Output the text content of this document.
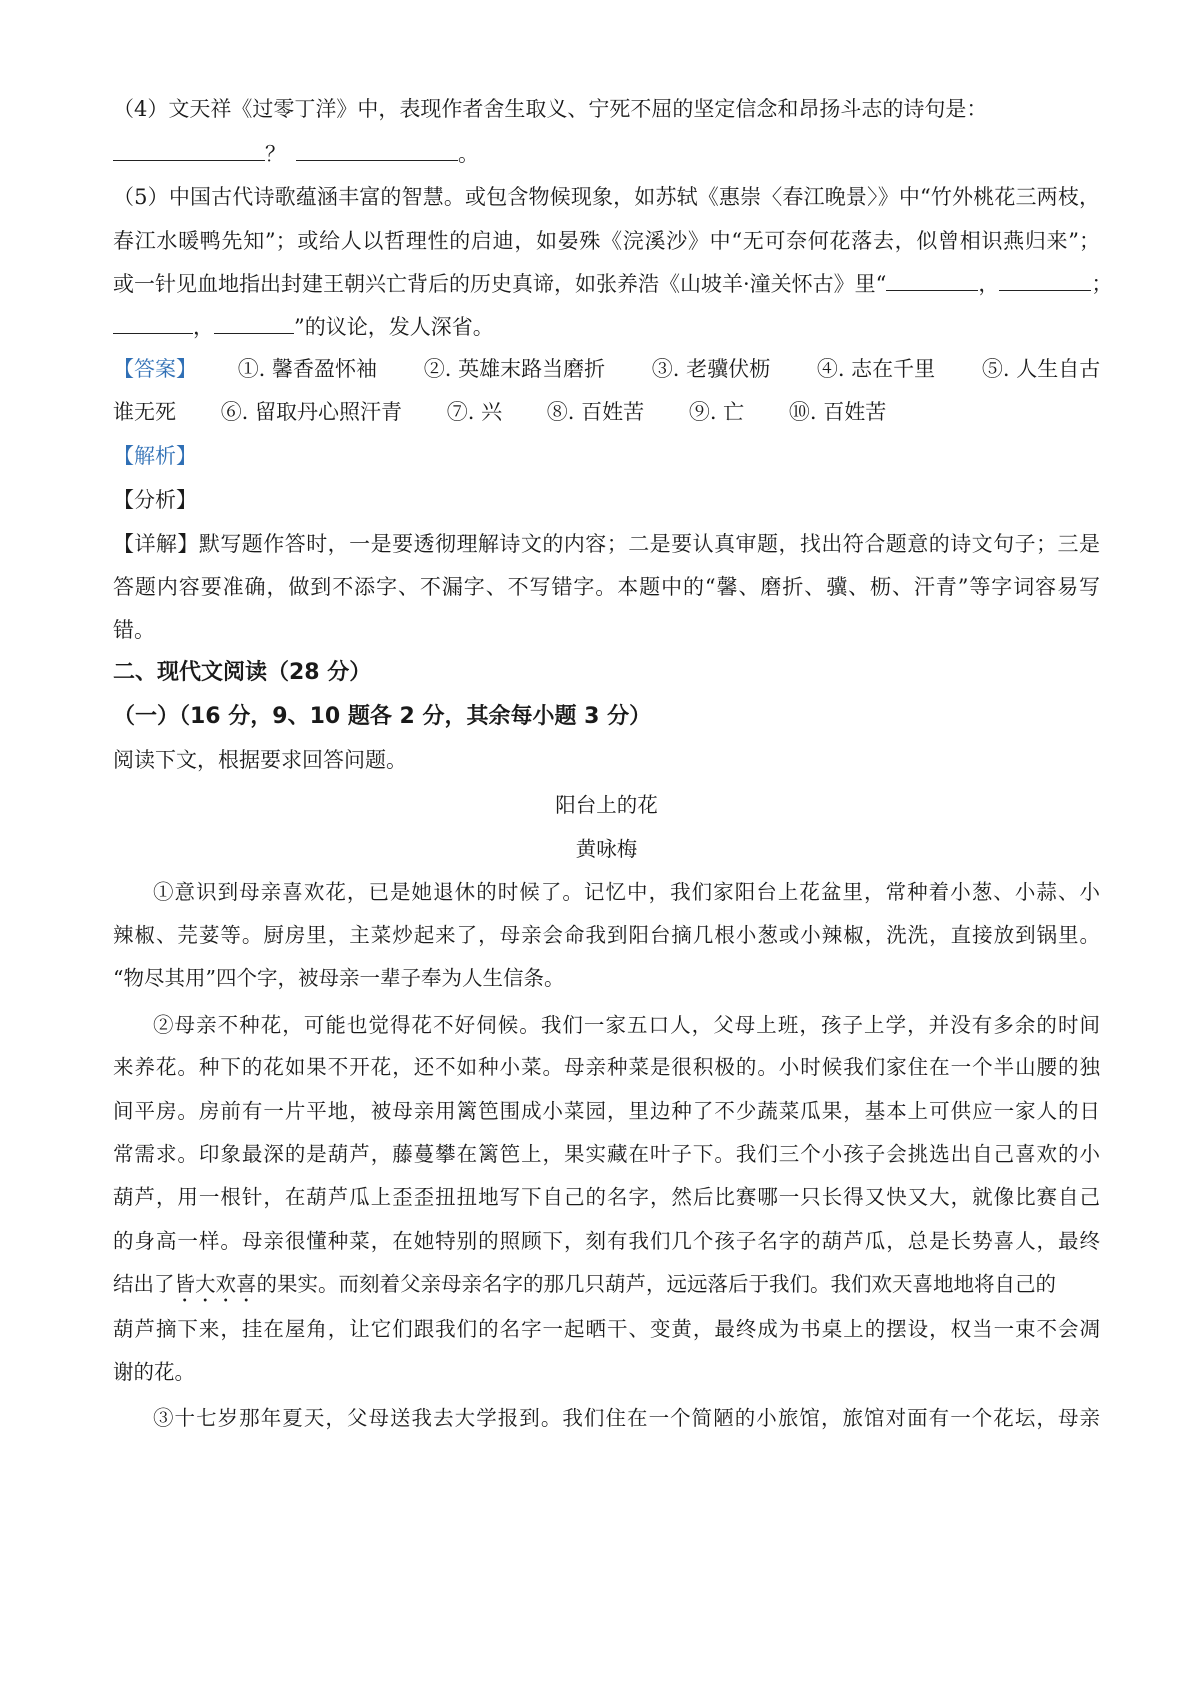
（4）文天祥《过零丁洋》中，表现作者舍生取义、宁死不屈的坚定信念和昂扬斗志的诗句是：
？	。
（5）中国古代诗歌蕴涵丰富的智慧。或包含物候现象，如苏轼《惠崇〈春江晚景〉》中“竹外桃花三两枝，
春江水暖鸭先知”；或给人以哲理性的启迪，如晏殊《浣溪沙》中“无可奈何花落去，似曾相识燕归来”；
或一针见血地指出封建王朝兴亡背后的历史真谛，如张养浩《山坡羊·潼关怀古》里“	，	；
，	”的议论，发人深省。
【答案】 ①. 馨香盈怀袖 ②. 英雄末路当磨折 ③. 老骥伏枥 ④. 志在千里 ⑤. 人生自古
谁无死 ⑥. 留取丹心照汗青 ⑦. 兴 ⑧. 百姓苦 ⑨. 亡 ⑩. 百姓苦
【解析】
【分析】
【详解】默写题作答时，一是要透彻理解诗文的内容；二是要认真审题，找出符合题意的诗文句子；三是
答题内容要准确，做到不添字、不漏字、不写错字。本题中的“馨、磨折、骥、枥、汗青”等字词容易写
错。
二、现代文阅读（28 分）
（一）（16 分，9、10 题各 2 分，其余每小题 3 分）
阅读下文，根据要求回答问题。
阳台上的花
黄咏梅
①意识到母亲喜欢花，已是她退休的时候了。记忆中，我们家阳台上花盆里，常种着小葱、小蒜、小
辣椒、芫荽等。厨房里，主菜炒起来了，母亲会命我到阳台摘几根小葱或小辣椒，洗洗，直接放到锅里。
“物尽其用”四个字，被母亲一辈子奉为人生信条。
②母亲不种花，可能也觉得花不好伺候。我们一家五口人，父母上班，孩子上学，并没有多余的时间
来养花。种下的花如果不开花，还不如种小菜。母亲种菜是很积极的。小时候我们家住在一个半山腰的独
间平房。房前有一片平地，被母亲用篱笆围成小菜园，里边种了不少蔬菜瓜果，基本上可供应一家人的日
常需求。印象最深的是葫芦，藤蔓攀在篱笆上，果实藏在叶子下。我们三个小孩子会挑选出自己喜欢的小
葫芦，用一根针，在葫芦瓜上歪歪扭扭地写下自己的名字，然后比赛哪一只长得又快又大，就像比赛自己
的身高一样。母亲很懂种菜，在她特别的照顾下，刻有我们几个孩子名字的葫芦瓜，总是长势喜人，最终
结出了皆大欢喜的果实。而刻着父亲母亲名字的那几只葫芦，远远落后于我们。我们欢天喜地地将自己的
葫芦摘下来，挂在屋角，让它们跟我们的名字一起晒干、变黄，最终成为书桌上的摆设，权当一束不会凋
谢的花。
③十七岁那年夏天，父母送我去大学报到。我们住在一个简陋的小旅馆，旅馆对面有一个花坛，母亲
